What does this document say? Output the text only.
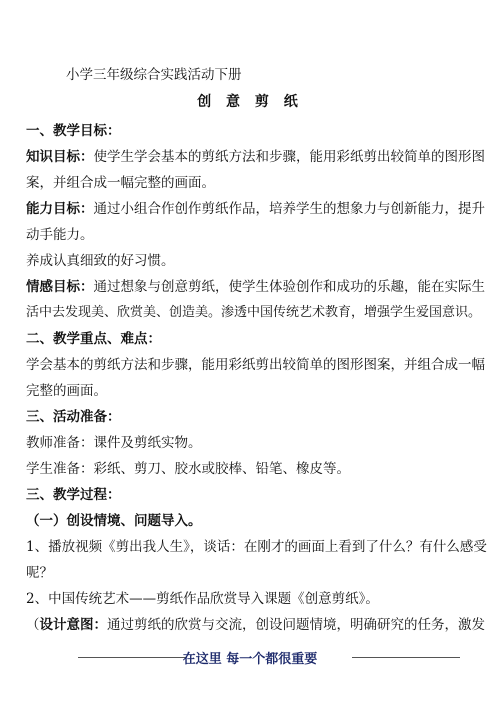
小学三年级综合实践活动下册

创 意 剪 纸

一、教学目标：

知识目标：使学生学会基本的剪纸方法和步骤，能用彩纸剪出较简单的图形图

案，并组合成一幅完整的画面。

能力目标：通过小组合作创作剪纸作品，培养学生的想象力与创新能力，提升

动手能力。

养成认真细致的好习惯。

情感目标：通过想象与创意剪纸，使学生体验创作和成功的乐趣，能在实际生

活中去发现美、欣赏美、创造美。渗透中国传统艺术教育，增强学生爱国意识。

二、教学重点、难点：

学会基本的剪纸方法和步骤，能用彩纸剪出较简单的图形图案，并组合成一幅

完整的画面。

三、活动准备：

教师准备：课件及剪纸实物。

学生准备：彩纸、剪刀、胶水或胶棒、铅笔、橡皮等。

三、教学过程：

（一）创设情境、问题导入。

1、播放视频《剪出我人生》，谈话：在刚才的画面上看到了什么？有什么感受

呢？

2、中国传统艺术——剪纸作品欣赏导入课题《创意剪纸》。

（设计意图：通过剪纸的欣赏与交流，创设问题情境，明确研究的任务，激发

在这里 每一个都很重要
